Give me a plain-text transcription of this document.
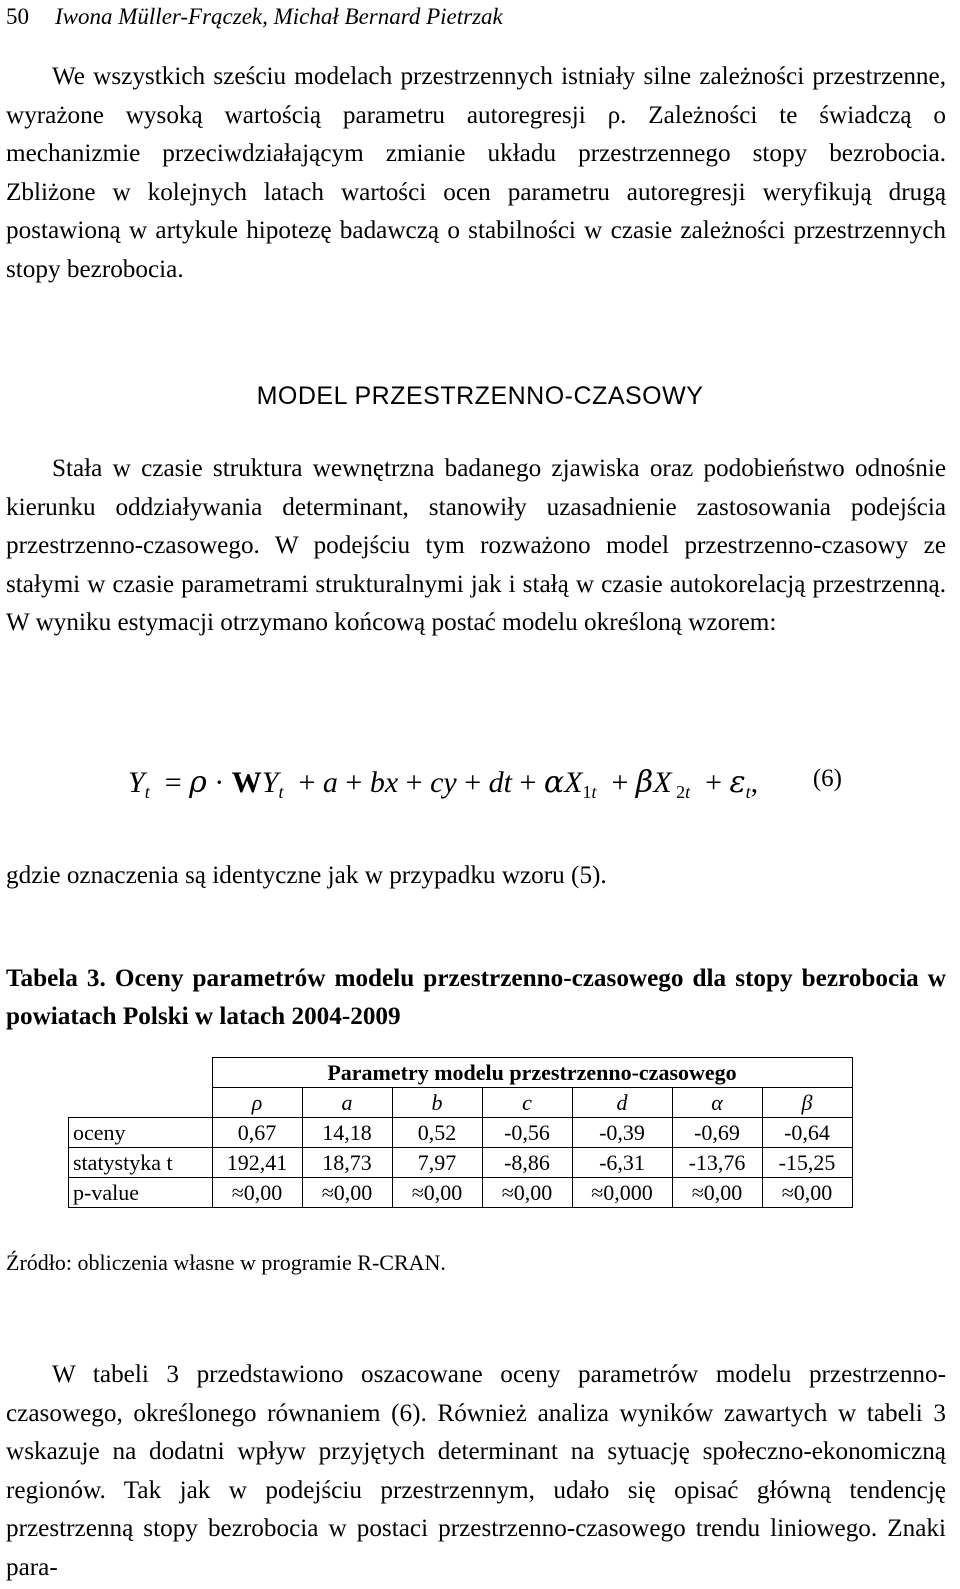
50 Iwona Müller-Frączek, Michał Bernard Pietrzak

We wszystkich sześciu modelach przestrzennych istniały silne zależności przestrzenne, wyrażone wysoką wartością parametru autoregresji ρ. Zależności te świadczą o mechanizmie przeciwdziałającym zmianie układu przestrzennego stopy bezrobocia. Zbliżone w kolejnych latach wartości ocen parametru autoregresji weryfikują drugą postawioną w artykule hipotezę badawczą o stabilności w czasie zależności przestrzennych stopy bezrobocia.

MODEL PRZESTRZENNO-CZASOWY

Stała w czasie struktura wewnętrzna badanego zjawiska oraz podobieństwo odnośnie kierunku oddziaływania determinant, stanowiły uzasadnienie zastosowania podejścia przestrzenno-czasowego. W podejściu tym rozważono model przestrzenno-czasowy ze stałymi w czasie parametrami strukturalnymi jak i stałą w czasie autokorelacją przestrzenną. W wyniku estymacji otrzymano końcową postać modelu określoną wzorem:

$Y_t = \rho \cdot WY_t + a$ + bx + cy + dt + $\alpha X_{1t} + \beta X$ $_{2t} + \varepsilon_t$, (6)
gdzie oznaczenia są identyczne jak w przypadku wzoru (5).
Tabela 3. Oceny parametrów modelu przestrzenno-czasowego dla stopy bezrobocia w powiatach Polski w latach 2004-2009
	Parametry modelu przestrzenno-czasowego						
	ρ	a	b	c	d	α	β
oceny	0,67	14,18	0,52	-0,56	-0,39	-0,69	-0,64
statystyka t	192,41	18,73	7,97	-8,86	-6,31	-13,76	-15,25
p-value	≈0,00	≈0,00	≈0,00	≈0,00	≈0,000	≈0,00	≈0,00
Źródło: obliczenia własne w programie R-CRAN.

W tabeli 3 przedstawiono oszacowane oceny parametrów modelu przestrzenno-czasowego, określonego równaniem (6). Również analiza wyników zawartych w tabeli 3 wskazuje na dodatni wpływ przyjętych determinant na sytuację społeczno-ekonomiczną regionów. Tak jak w podejściu przestrzennym, udało się opisać główną tendencję przestrzenną stopy bezrobocia w postaci przestrzenno-czasowego trendu liniowego. Znaki para-
